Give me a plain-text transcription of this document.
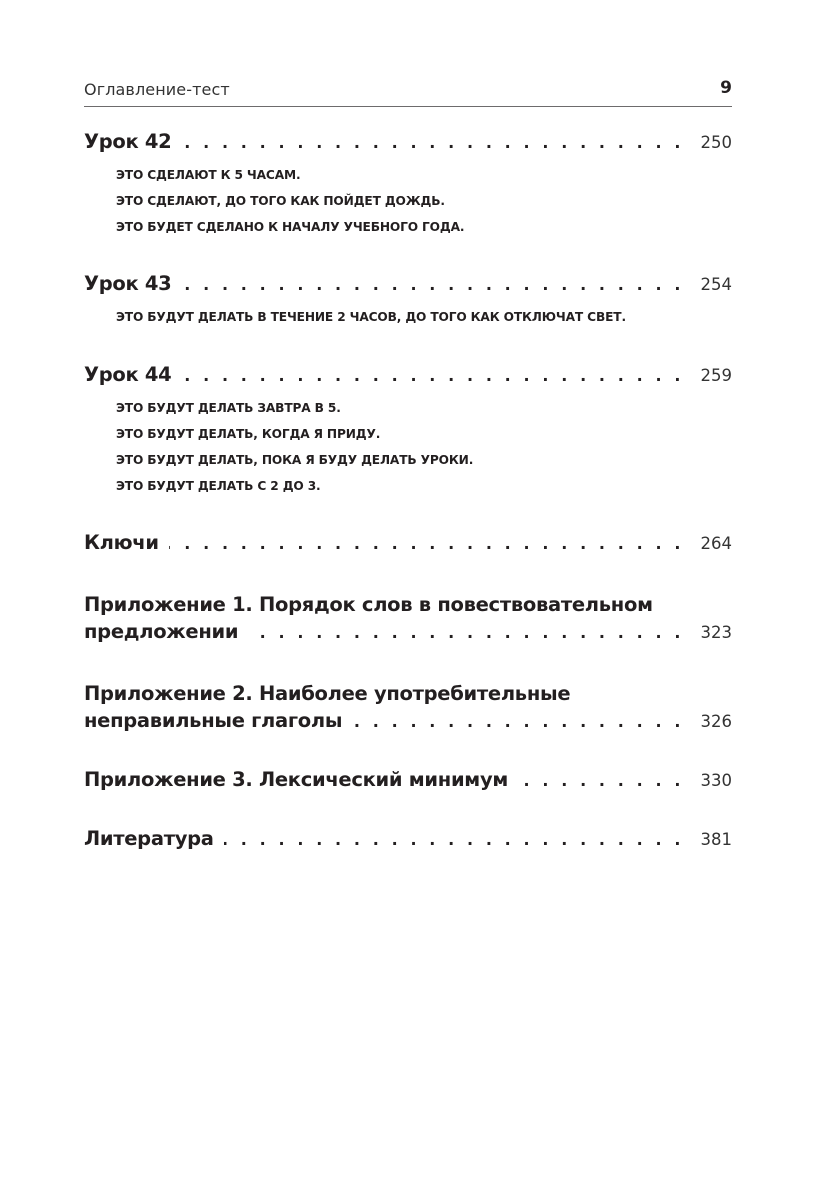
Оглавление-тест	9
Урок 42 . . .	250
ЭТО СДЕЛАЮТ К 5 ЧАСАМ.
ЭТО СДЕЛАЮТ, ДО ТОГО КАК ПОЙДЕТ ДОЖДЬ.
ЭТО БУДЕТ СДЕЛАНО К НАЧАЛУ УЧЕБНОГО ГОДА.
Урок 43 . . .	254
ЭТО БУДУТ ДЕЛАТЬ В ТЕЧЕНИЕ 2 ЧАСОВ, ДО ТОГО КАК ОТКЛЮЧАТ СВЕТ.
Урок 44 . . .	259
ЭТО БУДУТ ДЕЛАТЬ ЗАВТРА В 5.
ЭТО БУДУТ ДЕЛАТЬ, КОГДА Я ПРИДУ.
ЭТО БУДУТ ДЕЛАТЬ, ПОКА Я БУДУ ДЕЛАТЬ УРОКИ.
ЭТО БУДУТ ДЕЛАТЬ С 2 ДО 3.
Ключи . . .	264
Приложение 1. Порядок слов в повествовательном
предложении . . .	323
Приложение 2. Наиболее употребительные
неправильные глаголы . . .	326
Приложение 3. Лексический минимум . . .	330
Литература . . .	381
